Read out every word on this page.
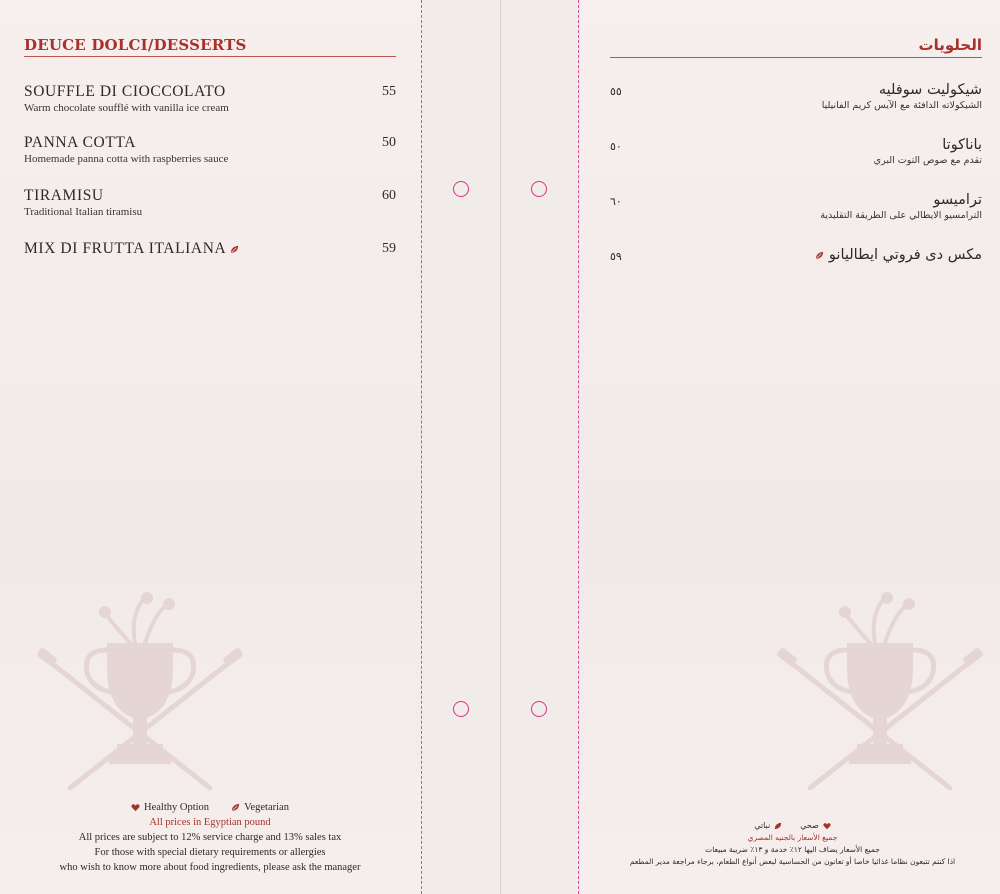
DEUCE DOLCI/DESSERTS
SOUFFLE DI CIOCCOLATO
Warm chocolate soufflé with vanilla ice cream
55
PANNA COTTA
Homemade panna cotta with raspberries sauce
50
TIRAMISU
Traditional Italian tiramisu
60
MIX DI FRUTTA ITALIANA	59
Healthy Option	Vegetarian
All prices in Egyptian pound
All prices are subject to 12% service charge and 13% sales tax
For those with special dietary requirements or allergies
who wish to know more about food ingredients, please ask the manager
الحلويات
شيكوليت سوفليه
الشيكولاته الدافئة مع الآيس كريم الفانيليا
٥٥
باناكوتا
تقدم مع صوص التوت البري
٥٠
تراميسو
الترامسيو الايطالي على الطريقة التقليدية
٦٠
مكس دى فروتي ايطاليانو
٥٩
صحي
نباتي
جميع الأسعار بالجنيه المصري
جميع الأسعار يضاف اليها ١٢٪ خدمة و ١٣٪ ضريبة مبيعات
اذا كنتم تتبعون نظاما غذائيا خاصا أو تعانون من الحساسية لبعض أنواع الطعام، برجاء مراجعة مدير المطعم
